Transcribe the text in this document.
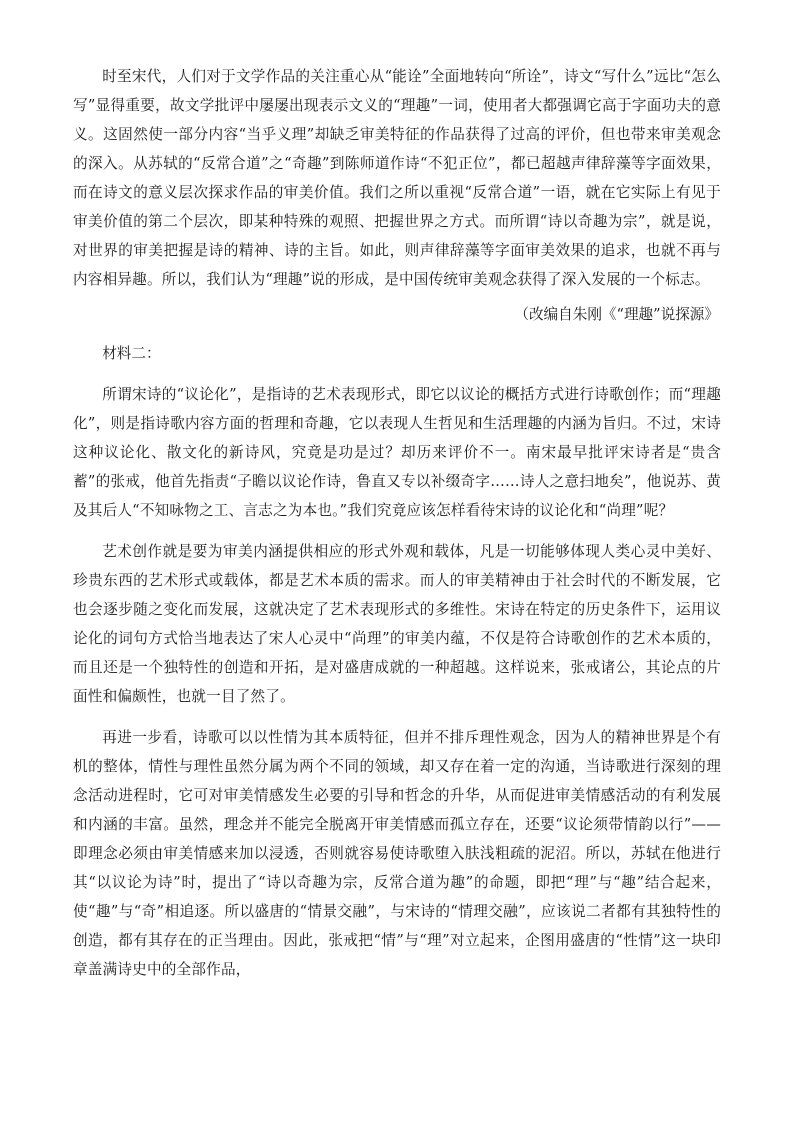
时至宋代，人们对于文学作品的关注重心从“能诠”全面地转向“所诠”，诗文“写什么”远比“怎么写”显得重要，故文学批评中屡屡出现表示文义的“理趣”一词，使用者大都强调它高于字面功夫的意义。这固然使一部分内容“当乎义理”却缺乏审美特征的作品获得了过高的评价，但也带来审美观念的深入。从苏轼的“反常合道”之“奇趣”到陈师道作诗“不犯正位”，都已超越声律辞藻等字面效果，而在诗文的意义层次探求作品的审美价值。我们之所以重视“反常合道”一语，就在它实际上有见于审美价值的第二个层次，即某种特殊的观照、把握世界之方式。而所谓“诗以奇趣为宗”，就是说，对世界的审美把握是诗的精神、诗的主旨。如此，则声律辞藻等字面审美效果的追求，也就不再与内容相异趣。所以，我们认为“理趣”说的形成，是中国传统审美观念获得了深入发展的一个标志。

（改编自朱刚《“理趣”说探源》

材料二：

所谓宋诗的“议论化”，是指诗的艺术表现形式，即它以议论的概括方式进行诗歌创作；而“理趣化”，则是指诗歌内容方面的哲理和奇趣，它以表现人生哲见和生活理趣的内涵为旨归。不过，宋诗这种议论化、散文化的新诗风，究竟是功是过？却历来评价不一。南宋最早批评宋诗者是“贵含蓄”的张戒，他首先指责“子瞻以议论作诗，鲁直又专以补缀奇字……诗人之意扫地矣”，他说苏、黄及其后人“不知咏物之工、言志之为本也。”我们究竟应该怎样看待宋诗的议论化和“尚理”呢？

艺术创作就是要为审美内涵提供相应的形式外观和载体，凡是一切能够体现人类心灵中美好、珍贵东西的艺术形式或载体，都是艺术本质的需求。而人的审美精神由于社会时代的不断发展，它也会逐步随之变化而发展，这就决定了艺术表现形式的多维性。宋诗在特定的历史条件下，运用议论化的词句方式恰当地表达了宋人心灵中“尚理”的审美内蕴，不仅是符合诗歌创作的艺术本质的，而且还是一个独特性的创造和开拓，是对盛唐成就的一种超越。这样说来，张戒诸公，其论点的片面性和偏颇性，也就一目了然了。

再进一步看，诗歌可以以性情为其本质特征，但并不排斥理性观念，因为人的精神世界是个有机的整体，情性与理性虽然分属为两个不同的领域，却又存在着一定的沟通，当诗歌进行深刻的理念活动进程时，它可对审美情感发生必要的引导和哲念的升华，从而促进审美情感活动的有利发展和内涵的丰富。虽然，理念并不能完全脱离开审美情感而孤立存在，还要“议论须带情韵以行”——即理念必须由审美情感来加以浸透，否则就容易使诗歌堕入肤浅粗疏的泥沼。所以，苏轼在他进行其“以议论为诗”时，提出了“诗以奇趣为宗，反常合道为趣”的命题，即把“理”与“趣”结合起来，使“趣”与“奇”相追逐。所以盛唐的“情景交融”，与宋诗的“情理交融”，应该说二者都有其独特性的创造，都有其存在的正当理由。因此，张戒把“情”与“理”对立起来，企图用盛唐的“性情”这一块印章盖满诗史中的全部作品，
